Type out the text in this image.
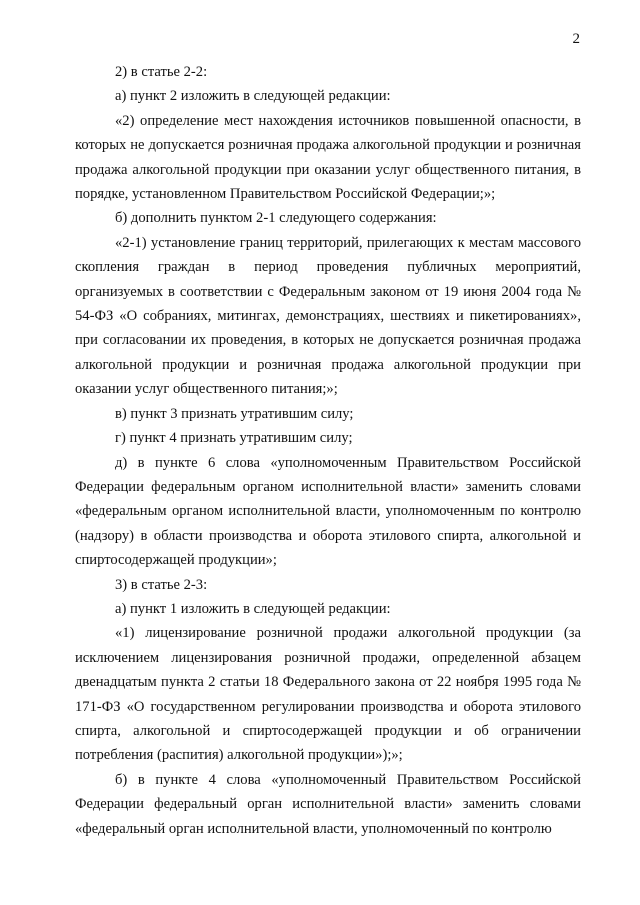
2

2) в статье 2-2:

а) пункт 2 изложить в следующей редакции:

«2) определение мест нахождения источников повышенной опасности, в которых не допускается розничная продажа алкогольной продукции и розничная продажа алкогольной продукции при оказании услуг общественного питания, в порядке, установленном Правительством Российской Федерации;»;

б) дополнить пунктом 2-1 следующего содержания:

«2-1) установление границ территорий, прилегающих к местам массового скопления граждан в период проведения публичных мероприятий, организуемых в соответствии с Федеральным законом от 19 июня 2004 года № 54-ФЗ «О собраниях, митингах, демонстрациях, шествиях и пикетированиях», при согласовании их проведения, в которых не допускается розничная продажа алкогольной продукции и розничная продажа алкогольной продукции при оказании услуг общественного питания;»;

в) пункт 3 признать утратившим силу;

г) пункт 4 признать утратившим силу;

д) в пункте 6 слова «уполномоченным Правительством Российской Федерации федеральным органом исполнительной власти» заменить словами «федеральным органом исполнительной власти, уполномоченным по контролю (надзору) в области производства и оборота этилового спирта, алкогольной и спиртосодержащей продукции»;

3) в статье 2-3:

а) пункт 1 изложить в следующей редакции:

«1) лицензирование розничной продажи алкогольной продукции (за исключением лицензирования розничной продажи, определенной абзацем двенадцатым пункта 2 статьи 18 Федерального закона от 22 ноября 1995 года № 171-ФЗ «О государственном регулировании производства и оборота этилового спирта, алкогольной и спиртосодержащей продукции и об ограничении потребления (распития) алкогольной продукции»);»;

б) в пункте 4 слова «уполномоченный Правительством Российской Федерации федеральный орган исполнительной власти» заменить словами «федеральный орган исполнительной власти, уполномоченный по контролю
